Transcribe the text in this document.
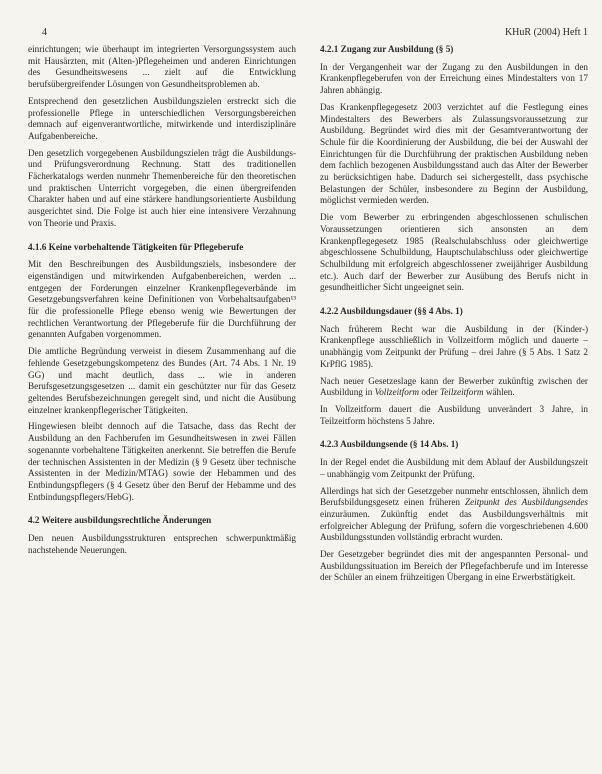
4	KHuR (2004) Heft 1

einrichtungen; wie überhaupt im integrierten Versorgungssystem auch mit Hausärzten, mit (Alten-)Pflegeheimen und anderen Einrichtungen des Gesundheitswesens ... zielt auf die Entwicklung berufsübergreifender Lösungen von Gesundheitsproblemen ab.

Entsprechend den gesetzlichen Ausbildungszielen erstreckt sich die professionelle Pflege in unterschiedlichen Versorgungsbereichen demnach auf eigenverantwortliche, mitwirkende und interdisziplinäre Aufgabenbereiche.

Den gesetzlich vorgegebenen Ausbildungszielen trägt die Ausbildungs- und Prüfungsverordnung Rechnung. Statt des traditionellen Fächerkatalogs werden nunmehr Themenbereiche für den theoretischen und praktischen Unterricht vorgegeben, die einen übergreifenden Charakter haben und auf eine stärkere handlungsorientierte Ausbildung ausgerichtet sind. Die Folge ist auch hier eine intensivere Verzahnung von Theorie und Praxis.

4.1.6 Keine vorbehaltende Tätigkeiten für Pflegeberufe

Mit den Beschreibungen des Ausbildungsziels, insbesondere der eigenständigen und mitwirkenden Aufgabenbereichen, werden ... entgegen der Forderungen einzelner Krankenpflegeverbände im Gesetzgebungsverfahren keine Definitionen von Vorbehaltsaufgaben¹³ für die professionelle Pflege ebenso wenig wie Bewertungen der rechtlichen Verantwortung der Pflegeberufe für die Durchführung der genannten Aufgaben vorgenommen.

Die amtliche Begründung verweist in diesem Zusammenhang auf die fehlende Gesetzgebungskompetenz des Bundes (Art. 74 Abs. 1 Nr. 19 GG) und macht deutlich, dass ... wie in anderen Berufsgesetzungsgesetzen ... damit ein geschützter nur für das Gesetz geltendes Berufsbezeichnungen geregelt sind, und nicht die Ausübung einzelner krankenpflegerischer Tätigkeiten.

Hingewiesen bleibt dennoch auf die Tatsache, dass das Recht der Ausbildung an den Fachberufen im Gesundheitswesen in zwei Fällen sogenannte vorbehaltene Tätigkeiten anerkennt. Sie betreffen die Berufe der technischen Assistenten in der Medizin (§ 9 Gesetz über technische Assistenten in der Medizin/MTAG) sowie der Hebammen und des Entbindungspflegers (§ 4 Gesetz über den Beruf der Hebamme und des Entbindungspflegers/HebG).

4.2 Weitere ausbildungsrechtliche Änderungen

Den neuen Ausbildungsstrukturen entsprechen schwerpunktmäßig nachstehende Neuerungen.

4.2.1 Zugang zur Ausbildung (§ 5)

In der Vergangenheit war der Zugang zu den Ausbildungen in den Krankenpflegeberufen von der Erreichung eines Mindestalters von 17 Jahren abhängig.

Das Krankenpflegegesetz 2003 verzichtet auf die Festlegung eines Mindestalters des Bewerbers als Zulassungsvoraussetzung zur Ausbildung. Begründet wird dies mit der Gesamtverantwortung der Schule für die Koordinierung der Ausbildung, die bei der Auswahl der Einrichtungen für die Durchführung der praktischen Ausbildung neben dem fachlich bezogenen Ausbildungsstand auch das Alter der Bewerber zu berücksichtigen habe. Dadurch sei sichergestellt, dass psychische Belastungen der Schüler, insbesondere zu Beginn der Ausbildung, möglichst vermieden werden.

Die vom Bewerber zu erbringenden abgeschlossenen schulischen Voraussetzungen orientieren sich ansonsten an dem Krankenpflegegesetz 1985 (Realschulabschluss oder gleichwertige abgeschlossene Schulbildung, Hauptschulabschluss oder gleichwertige Schulbildung mit erfolgreich abgeschlossener zweijähriger Ausbildung etc.). Auch darf der Bewerber zur Ausübung des Berufs nicht in gesundheitlicher Sicht ungeeignet sein.

4.2.2 Ausbildungsdauer (§§ 4 Abs. 1)

Nach früherem Recht war die Ausbildung in der (Kinder-) Krankenpflege ausschließlich in Vollzeitform möglich und dauerte – unabhängig vom Zeitpunkt der Prüfung – drei Jahre (§ 5 Abs. 1 Satz 2 KrPflG 1985).

Nach neuer Gesetzeslage kann der Bewerber zukünftig zwischen der Ausbildung in Vollzeitform oder Teilzeitform wählen.

In Vollzeitform dauert die Ausbildung unverändert 3 Jahre, in Teilzeitform höchstens 5 Jahre.

4.2.3 Ausbildungsende (§ 14 Abs. 1)

In der Regel endet die Ausbildung mit dem Ablauf der Ausbildungszeit – unabhängig vom Zeitpunkt der Prüfung.

Allerdings hat sich der Gesetzgeber nunmehr entschlossen, ähnlich dem Berufsbildungsgesetz einen früheren Zeitpunkt des Ausbildungsendes einzuräumen. Zukünftig endet das Ausbildungsverhältnis mit erfolgreicher Ablegung der Prüfung, sofern die vorgeschriebenen 4.600 Ausbildungsstunden vollständig erbracht wurden.

Der Gesetzgeber begründet dies mit der angespannten Personal- und Ausbildungssituation im Bereich der Pflegefachberufe und im Interesse der Schüler an einem frühzeitigen Übergang in eine Erwerbstätigkeit.
